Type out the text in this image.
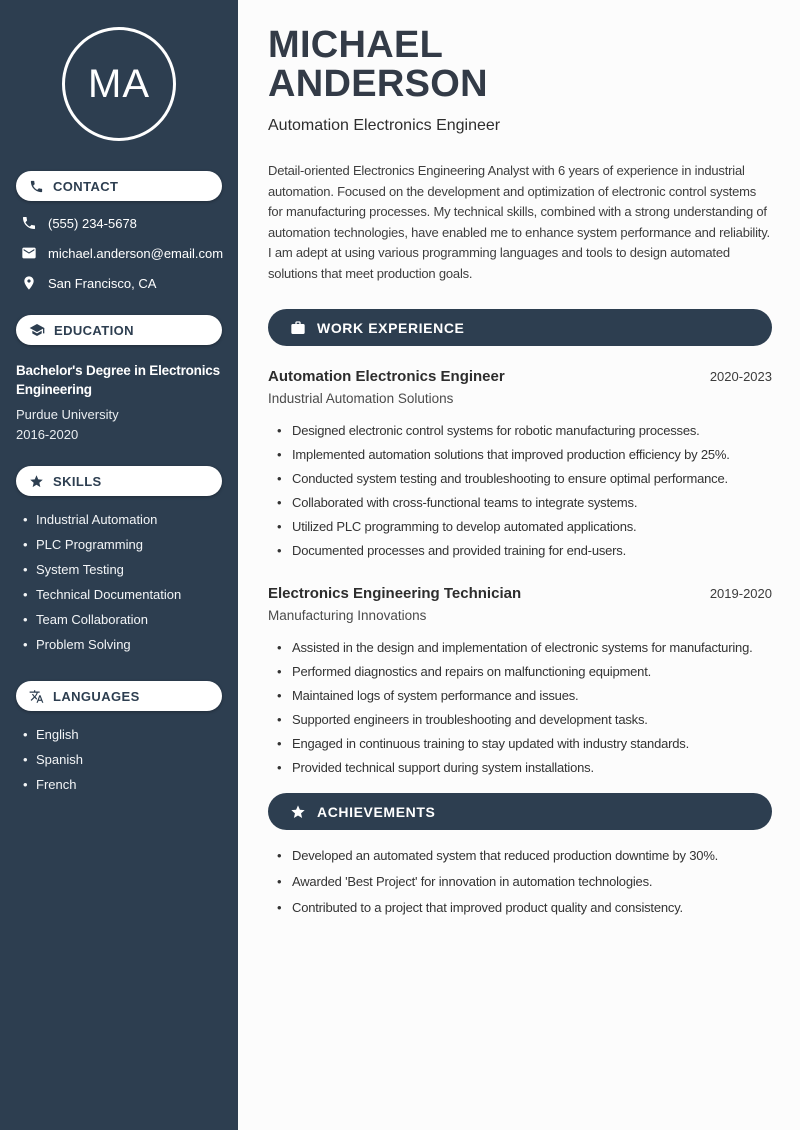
MA
CONTACT
(555) 234-5678
michael.anderson@email.com
San Francisco, CA
EDUCATION
Bachelor's Degree in Electronics Engineering
Purdue University
2016-2020
SKILLS
• Industrial Automation
• PLC Programming
• System Testing
• Technical Documentation
• Team Collaboration
• Problem Solving
LANGUAGES
• English
• Spanish
• French
MICHAEL
ANDERSON
Automation Electronics Engineer

Detail-oriented Electronics Engineering Analyst with 6 years of experience in industrial automation. Focused on the development and optimization of electronic control systems for manufacturing processes. My technical skills, combined with a strong understanding of automation technologies, have enabled me to enhance system performance and reliability. I am adept at using various programming languages and tools to design automated solutions that meet production goals.

WORK EXPERIENCE
Automation Electronics Engineer	2020-2023
Industrial Automation Solutions
• Designed electronic control systems for robotic manufacturing processes.
• Implemented automation solutions that improved production efficiency by 25%.
• Conducted system testing and troubleshooting to ensure optimal performance.
• Collaborated with cross-functional teams to integrate systems.
• Utilized PLC programming to develop automated applications.
• Documented processes and provided training for end-users.
Electronics Engineering Technician	2019-2020
Manufacturing Innovations
• Assisted in the design and implementation of electronic systems for manufacturing.
• Performed diagnostics and repairs on malfunctioning equipment.
• Maintained logs of system performance and issues.
• Supported engineers in troubleshooting and development tasks.
• Engaged in continuous training to stay updated with industry standards.
• Provided technical support during system installations.
ACHIEVEMENTS
• Developed an automated system that reduced production downtime by 30%.
• Awarded 'Best Project' for innovation in automation technologies.
• Contributed to a project that improved product quality and consistency.
